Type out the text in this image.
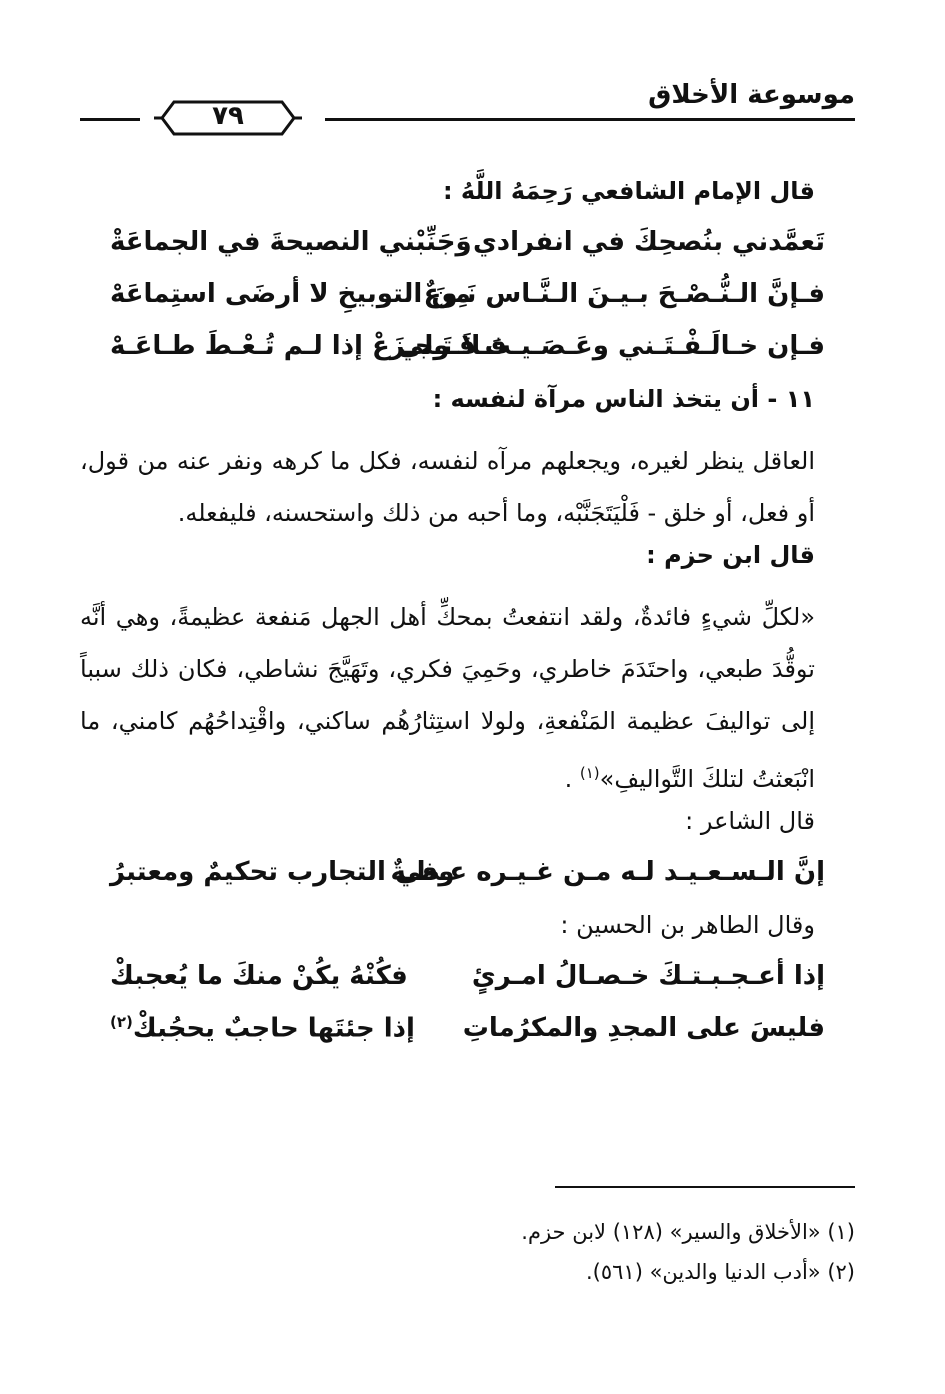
موسوعة الأخلاق
٧٩
قال الإمام الشافعي رَحِمَهُ اللَّهُ :
تَعمَّدني بنُصحِكَ في انفرادي
وَجَنِّبْني النصيحةَ في الجماعَةْ
فـإنَّ الـنُّـصْـحَ بـيـنَ الـنَّـاس نَـوعٌ
مِنَ التوبيخِ لا أرضَى استِماعَهْ
فـإن خـالَـفْـتَـني وعَـصَـيـتَ قَـولي
فـلا تَـجـزَعْ إذا لـم تُـعْـطَ طـاعَـهْ
١١ - أن يتخذ الناس مرآة لنفسه :
العاقل ينظر لغيره، ويجعلهم مرآه لنفسه، فكل ما كرهه ونفر عنه من قول، أو فعل، أو خلق - فَلْيَتَجَنَّبْه، وما أحبه من ذلك واستحسنه، فليفعله.
قال ابن حزم :
«لكلِّ شيءٍ فائدةٌ، ولقد انتفعتُ بمحكِّ أهل الجهل مَنفعة عظيمةً، وهي أنَّه توقُّدَ طبعي، واحتَدَمَ خاطري، وحَمِيَ فكري، وتَهَيَّجَ نشاطي، فكان ذلك سبباً إلى تواليفَ عظيمة المَنْفعةِ، ولولا استِثارُهُم ساكني، واقْتِداحُهُم كامني، ما انْبَعثتُ لتلكَ التَّواليفِ»$^{(١)}$ .
قال الشاعر :
إنَّ الـسـعـيـد لـه مـن غـيـره عـظـةٌ
وفي التجارب تحكيمٌ ومعتبرُ
وقال الطاهر بن الحسين :
إذا أعـجـبـتـكَ خـصـالُ امـرئٍ
فكُنْهُ يكُنْ منكَ ما يُعجبكْ
فليسَ على المجدِ والمكرُماتِ
إذا جئتَها حاجبٌ يحجُبكْ$^{(٢)}$
(١) «الأخلاق والسير» (١٢٨) لابن حزم.
(٢) «أدب الدنيا والدين» (٥٦١).
